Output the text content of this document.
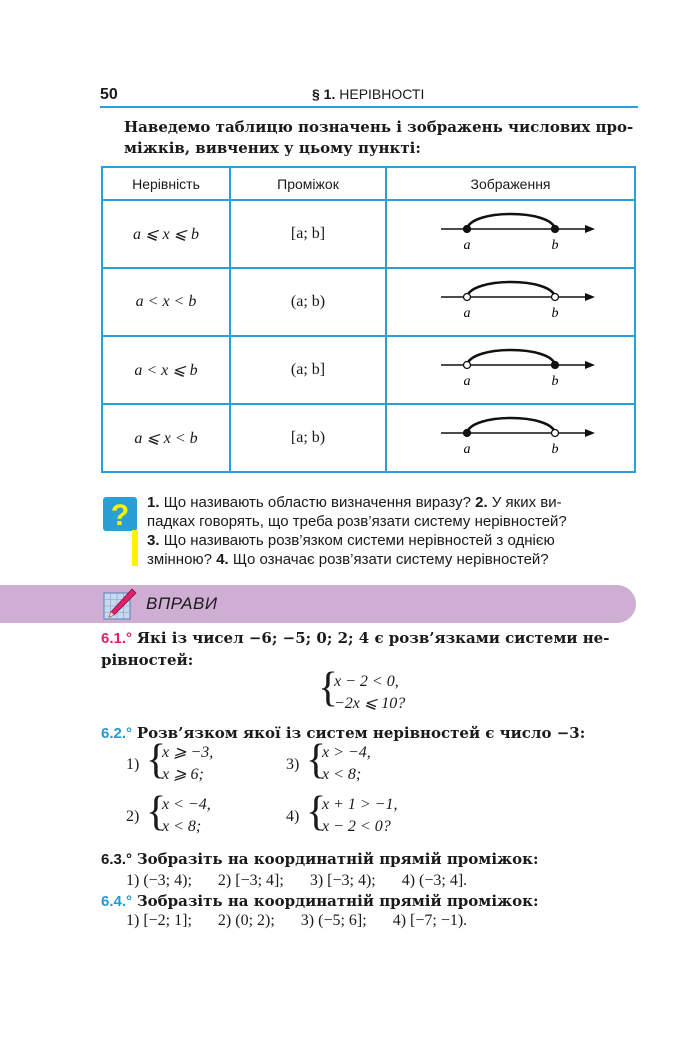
50	§ 1. НЕРІВНОСТІ
Наведемо таблицю позначень і зображень числових про- міжків, вивчених у цьому пункті:
Нерівність	Проміжок	Зображення
a ⩽ x ⩽ b	[a; b]	a b

a < x < b	(a; b)	a b

a < x ⩽ b	(a; b]	a b

a ⩽ x < b	[a; b)	a b
? 1. Що називають областю визначення виразу? 2. У яких ви-
падках говорять, що треба розв’язати систему нерівностей?
3. Що називають розв’язком системи нерівностей з однією
змінною? 4. Що означає розв’язати систему нерівностей?
ВПРАВИ
6.1.° Які із чисел −6; −5; 0; 2; 4 є розв’язками системи не-
рівностей:
{
x − 2 < 0,
−2x ⩽ 10?
6.2.° Розв’язком якої із систем нерівностей є число −3:
1) {
x ⩾ −3,
x ⩾ 6;
3) {
x > −4,
x < 8;
2) {
x < −4,
x < 8;
4) {
x + 1 > −1,
x − 2 < 0?
6.3.° Зобразіть на координатній прямій проміжок:
1) (−3; 4); 2) [−3; 4]; 3) [−3; 4); 4) (−3; 4].
6.4.° Зобразіть на координатній прямій проміжок:
1) [−2; 1]; 2) (0; 2); 3) (−5; 6]; 4) [−7; −1).
